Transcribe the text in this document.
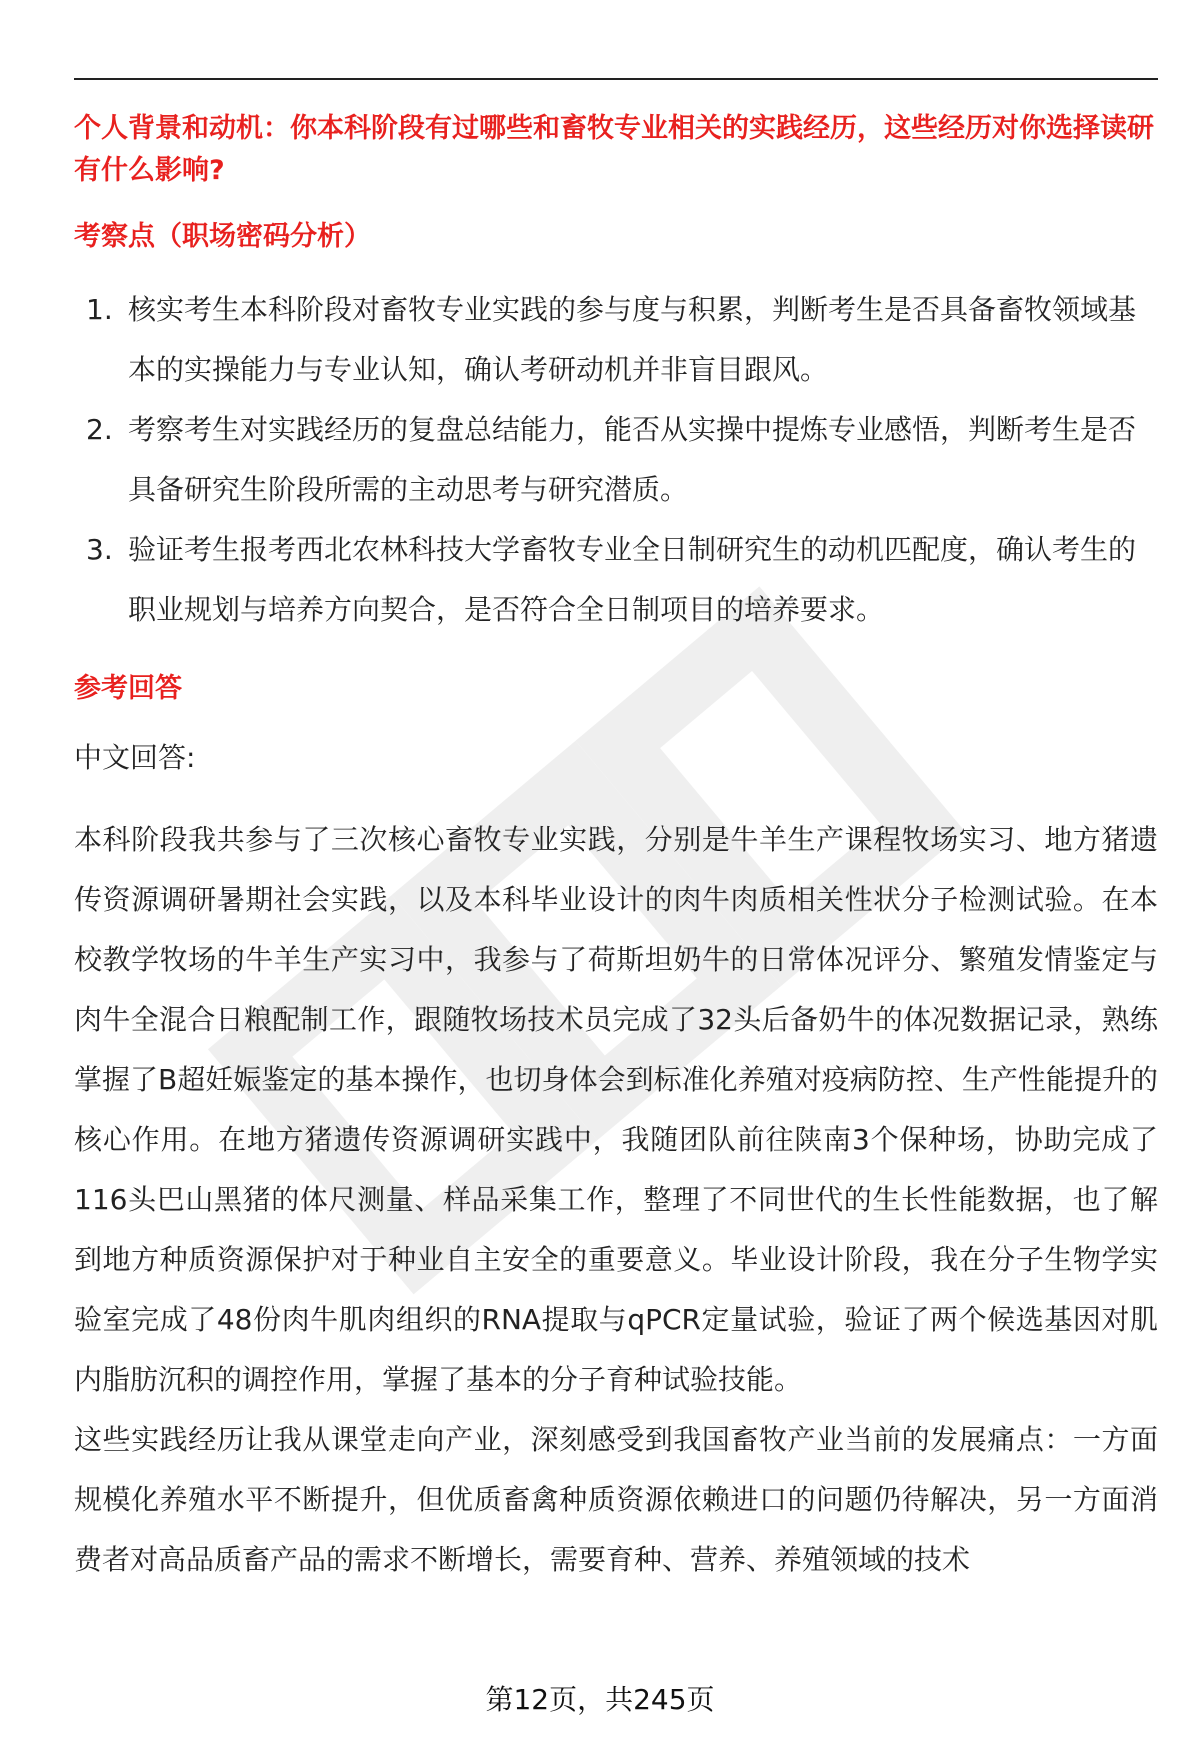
个人背景和动机：你本科阶段有过哪些和畜牧专业相关的实践经历，这些经历对你选择读研有什么影响?

考察点（职场密码分析）
1. 核实考生本科阶段对畜牧专业实践的参与度与积累，判断考生是否具备畜牧领域基本的实操能力与专业认知，确认考研动机并非盲目跟风。
2. 考察考生对实践经历的复盘总结能力，能否从实操中提炼专业感悟，判断考生是否具备研究生阶段所需的主动思考与研究潜质。
3. 验证考生报考西北农林科技大学畜牧专业全日制研究生的动机匹配度，确认考生的职业规划与培养方向契合，是否符合全日制项目的培养要求。
参考回答

中文回答:

本科阶段我共参与了三次核心畜牧专业实践，分别是牛羊生产课程牧场实习、地方猪遗传资源调研暑期社会实践，以及本科毕业设计的肉牛肉质相关性状分子检测试验。在本校教学牧场的牛羊生产实习中，我参与了荷斯坦奶牛的日常体况评分、繁殖发情鉴定与肉牛全混合日粮配制工作，跟随牧场技术员完成了32头后备奶牛的体况数据记录，熟练掌握了B超妊娠鉴定的基本操作，也切身体会到标准化养殖对疫病防控、生产性能提升的核心作用。在地方猪遗传资源调研实践中，我随团队前往陕南3个保种场，协助完成了116头巴山黑猪的体尺测量、样品采集工作，整理了不同世代的生长性能数据，也了解到地方种质资源保护对于种业自主安全的重要意义。毕业设计阶段，我在分子生物学实验室完成了48份肉牛肌肉组织的RNA提取与qPCR定量试验，验证了两个候选基因对肌内脂肪沉积的调控作用，掌握了基本的分子育种试验技能。

这些实践经历让我从课堂走向产业，深刻感受到我国畜牧产业当前的发展痛点：一方面规模化养殖水平不断提升，但优质畜禽种质资源依赖进口的问题仍待解决，另一方面消费者对高品质畜产品的需求不断增长，需要育种、营养、养殖领域的技术

第12页，共245页
